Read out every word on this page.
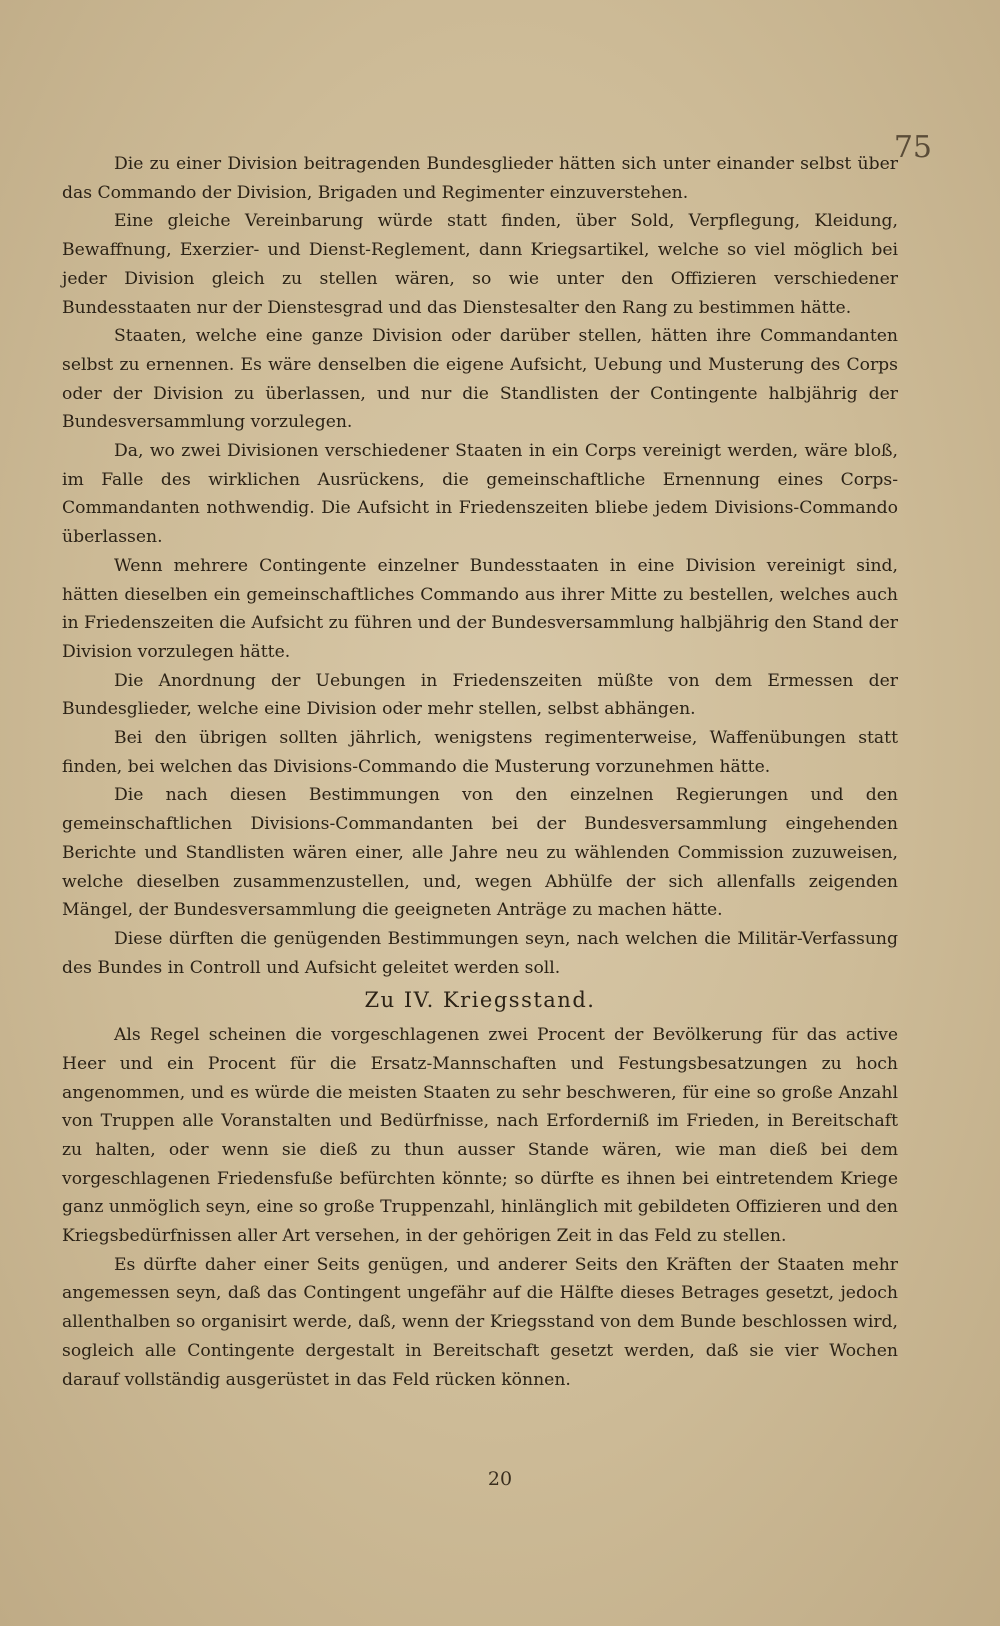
75

Die zu einer Division beitragenden Bundesglieder hätten sich unter einander selbst über das Commando der Division, Brigaden und Regimenter einzuverstehen.

Eine gleiche Vereinbarung würde statt finden, über Sold, Verpflegung, Kleidung, Bewaffnung, Exerzier- und Dienst-Reglement, dann Kriegsartikel, welche so viel möglich bei jeder Division gleich zu stellen wären, so wie unter den Offizieren verschiedener Bundesstaaten nur der Dienstesgrad und das Dienstesalter den Rang zu bestimmen hätte.

Staaten, welche eine ganze Division oder darüber stellen, hätten ihre Commandanten selbst zu ernennen. Es wäre denselben die eigene Aufsicht, Uebung und Musterung des Corps oder der Division zu überlassen, und nur die Standlisten der Contingente halbjährig der Bundesversammlung vorzulegen.

Da, wo zwei Divisionen verschiedener Staaten in ein Corps vereinigt werden, wäre bloß, im Falle des wirklichen Ausrückens, die gemeinschaftliche Ernennung eines Corps-Commandanten nothwendig. Die Aufsicht in Friedenszeiten bliebe jedem Divisions-Commando überlassen.

Wenn mehrere Contingente einzelner Bundesstaaten in eine Division vereinigt sind, hätten dieselben ein gemeinschaftliches Commando aus ihrer Mitte zu bestellen, welches auch in Friedenszeiten die Aufsicht zu führen und der Bundesversammlung halbjährig den Stand der Division vorzulegen hätte.

Die Anordnung der Uebungen in Friedenszeiten müßte von dem Ermessen der Bundesglieder, welche eine Division oder mehr stellen, selbst abhängen.

Bei den übrigen sollten jährlich, wenigstens regimenterweise, Waffenübungen statt finden, bei welchen das Divisions-Commando die Musterung vorzunehmen hätte.

Die nach diesen Bestimmungen von den einzelnen Regierungen und den gemeinschaftlichen Divisions-Commandanten bei der Bundesversammlung eingehenden Berichte und Standlisten wären einer, alle Jahre neu zu wählenden Commission zuzuweisen, welche dieselben zusammenzustellen, und, wegen Abhülfe der sich allenfalls zeigenden Mängel, der Bundesversammlung die geeigneten Anträge zu machen hätte.

Diese dürften die genügenden Bestimmungen seyn, nach welchen die Militär-Verfassung des Bundes in Controll und Aufsicht geleitet werden soll.

Zu IV. Kriegsstand.

Als Regel scheinen die vorgeschlagenen zwei Procent der Bevölkerung für das active Heer und ein Procent für die Ersatz-Mannschaften und Festungsbesatzungen zu hoch angenommen, und es würde die meisten Staaten zu sehr beschweren, für eine so große Anzahl von Truppen alle Voranstalten und Bedürfnisse, nach Erforderniß im Frieden, in Bereitschaft zu halten, oder wenn sie dieß zu thun ausser Stande wären, wie man dieß bei dem vorgeschlagenen Friedensfuße befürchten könnte; so dürfte es ihnen bei eintretendem Kriege ganz unmöglich seyn, eine so große Truppenzahl, hinlänglich mit gebildeten Offizieren und den Kriegsbedürfnissen aller Art versehen, in der gehörigen Zeit in das Feld zu stellen.

Es dürfte daher einer Seits genügen, und anderer Seits den Kräften der Staaten mehr angemessen seyn, daß das Contingent ungefähr auf die Hälfte dieses Betrages gesetzt, jedoch allenthalben so organisirt werde, daß, wenn der Kriegsstand von dem Bunde beschlossen wird, sogleich alle Contingente dergestalt in Bereitschaft gesetzt werden, daß sie vier Wochen darauf vollständig ausgerüstet in das Feld rücken können.

20
